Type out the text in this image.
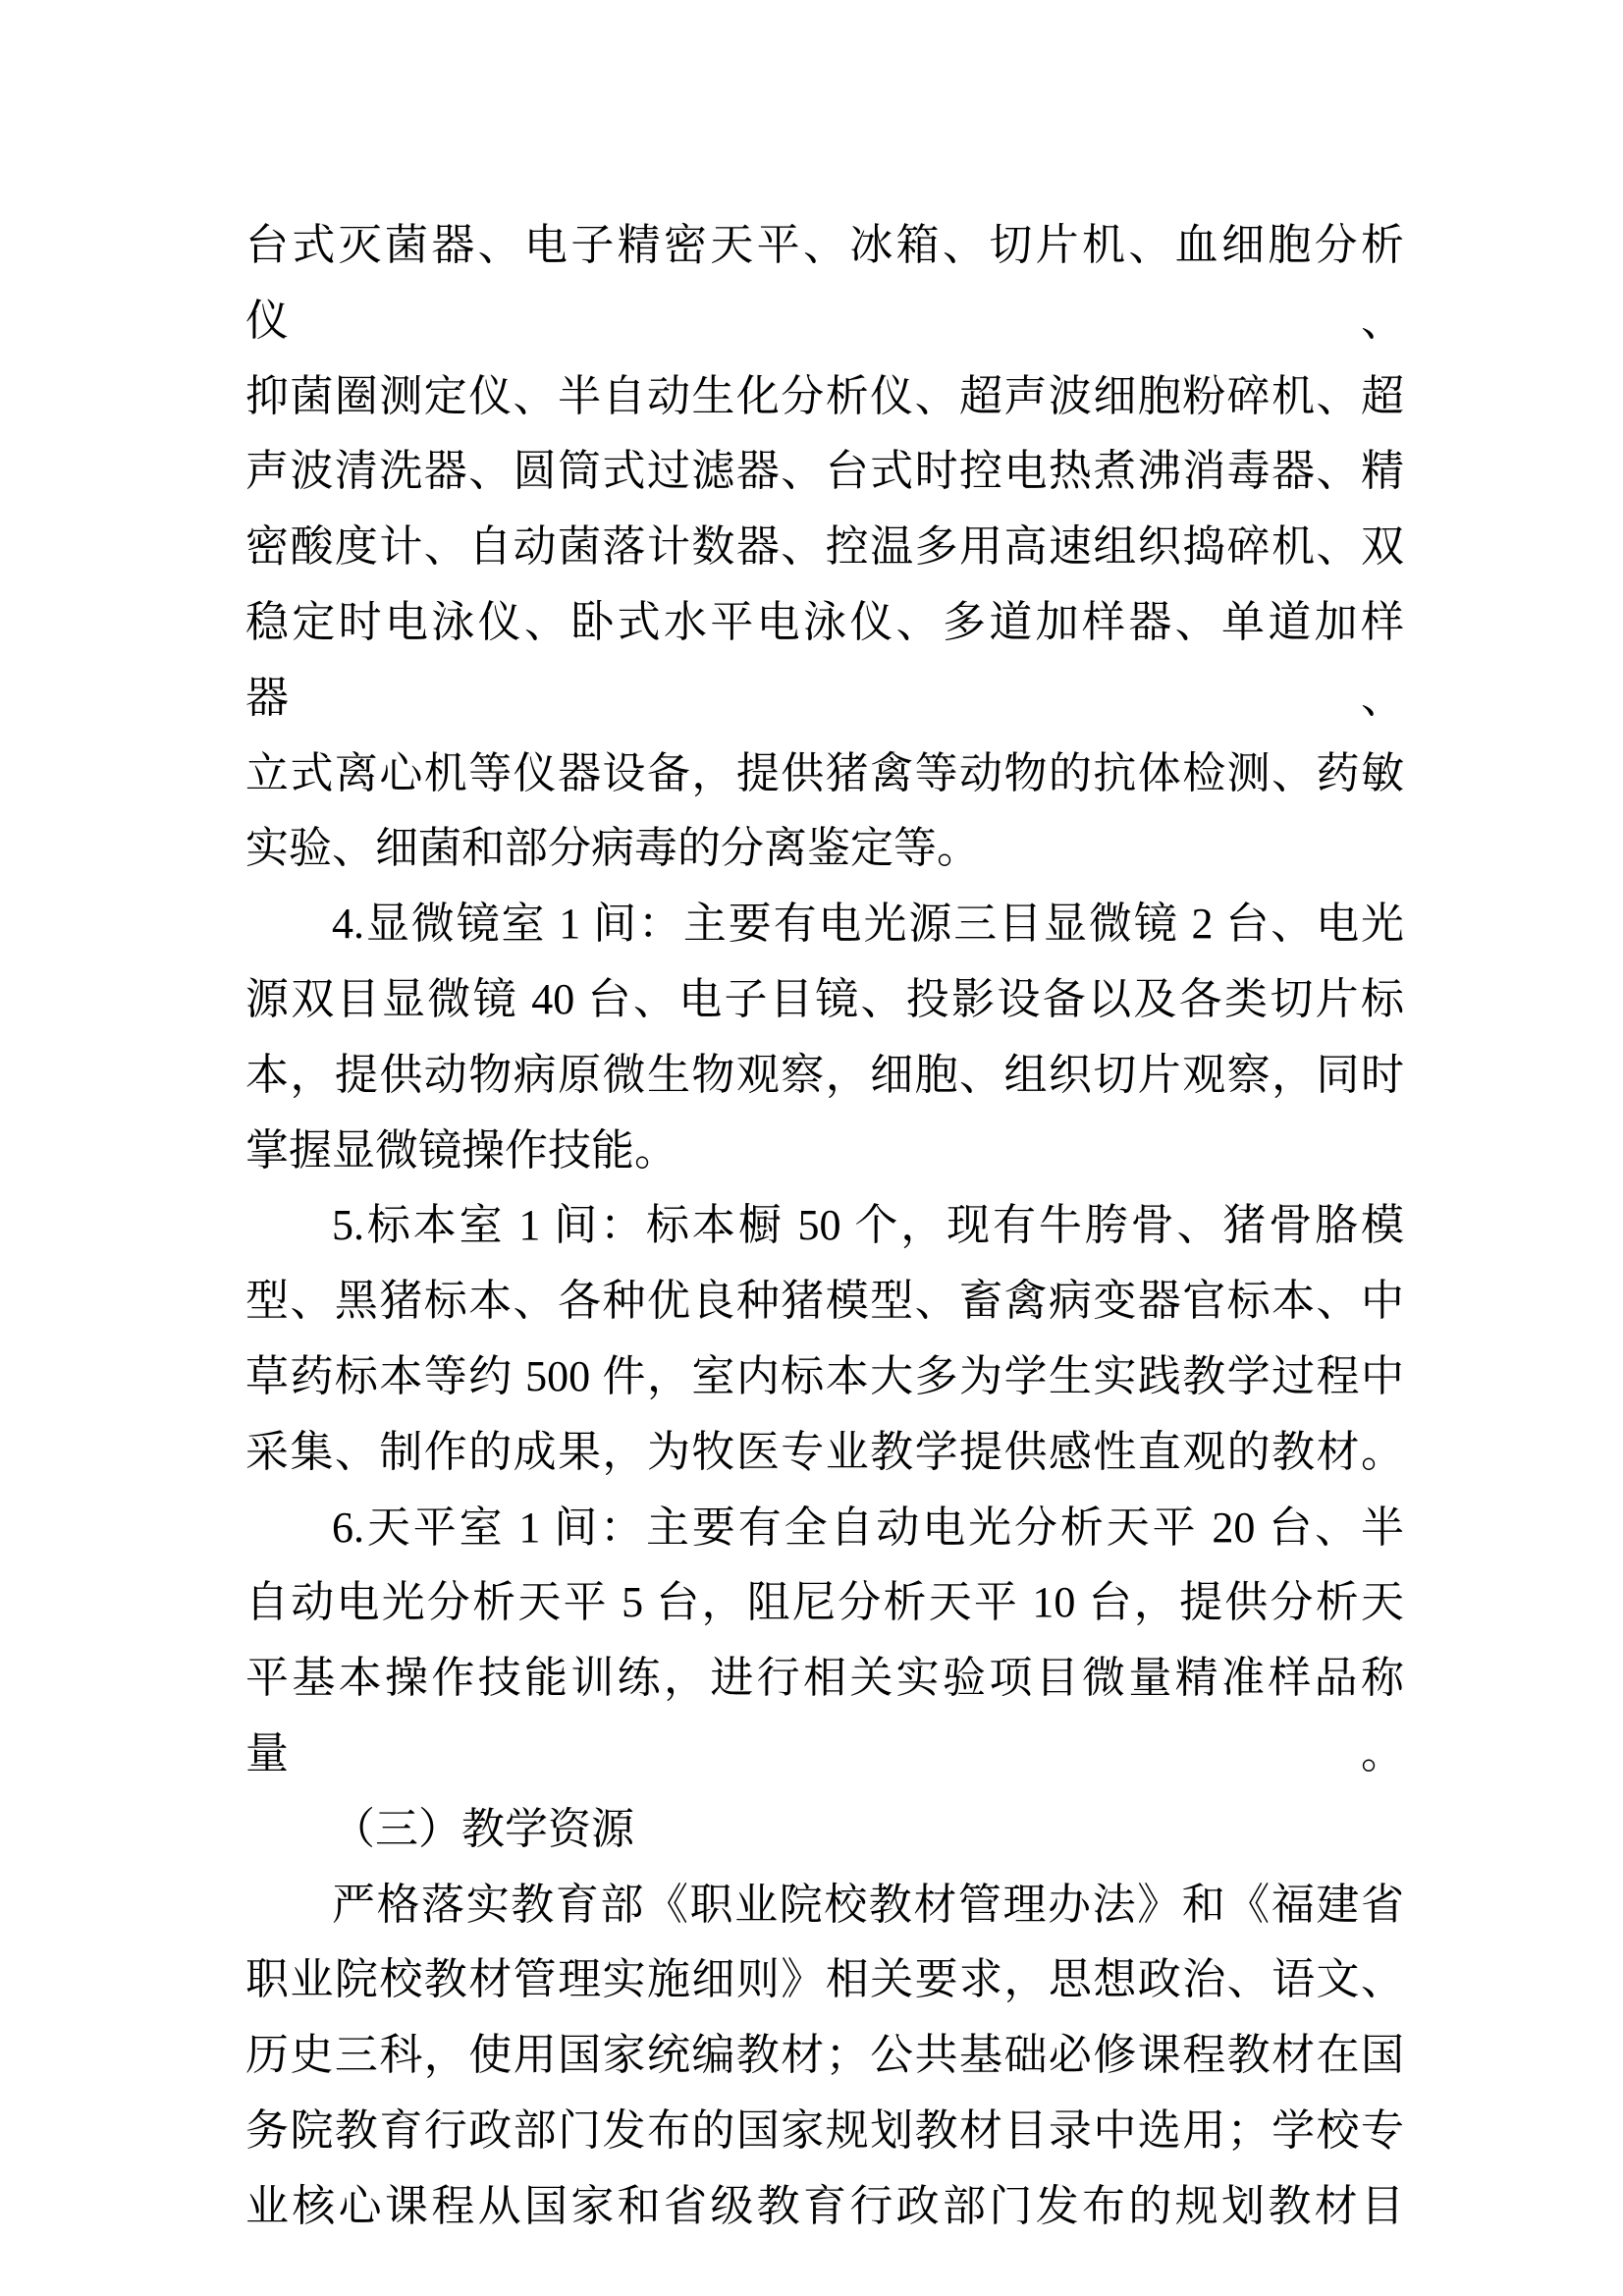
台式灭菌器、电子精密天平、冰箱、切片机、血细胞分析仪、
抑菌圈测定仪、半自动生化分析仪、超声波细胞粉碎机、超
声波清洗器、圆筒式过滤器、台式时控电热煮沸消毒器、精
密酸度计、自动菌落计数器、控温多用高速组织捣碎机、双
稳定时电泳仪、卧式水平电泳仪、多道加样器、单道加样器、
立式离心机等仪器设备，提供猪禽等动物的抗体检测、药敏
实验、细菌和部分病毒的分离鉴定等。
4.显微镜室 1 间：主要有电光源三目显微镜 2 台、电光
源双目显微镜 40 台、电子目镜、投影设备以及各类切片标
本，提供动物病原微生物观察，细胞、组织切片观察，同时
掌握显微镜操作技能。
5.标本室 1 间：标本橱 50 个，现有牛胯骨、猪骨胳模
型、黑猪标本、各种优良种猪模型、畜禽病变器官标本、中
草药标本等约 500 件，室内标本大多为学生实践教学过程中
采集、制作的成果，为牧医专业教学提供感性直观的教材。
6.天平室 1 间：主要有全自动电光分析天平 20 台、半
自动电光分析天平 5 台，阻尼分析天平 10 台，提供分析天
平基本操作技能训练，进行相关实验项目微量精准样品称量。
（三）教学资源
严格落实教育部《职业院校教材管理办法》和《福建省
职业院校教材管理实施细则》相关要求，思想政治、语文、
历史三科，使用国家统编教材；公共基础必修课程教材在国
务院教育行政部门发布的国家规划教材目录中选用；学校专
业核心课程从国家和省级教育行政部门发布的规划教材目
